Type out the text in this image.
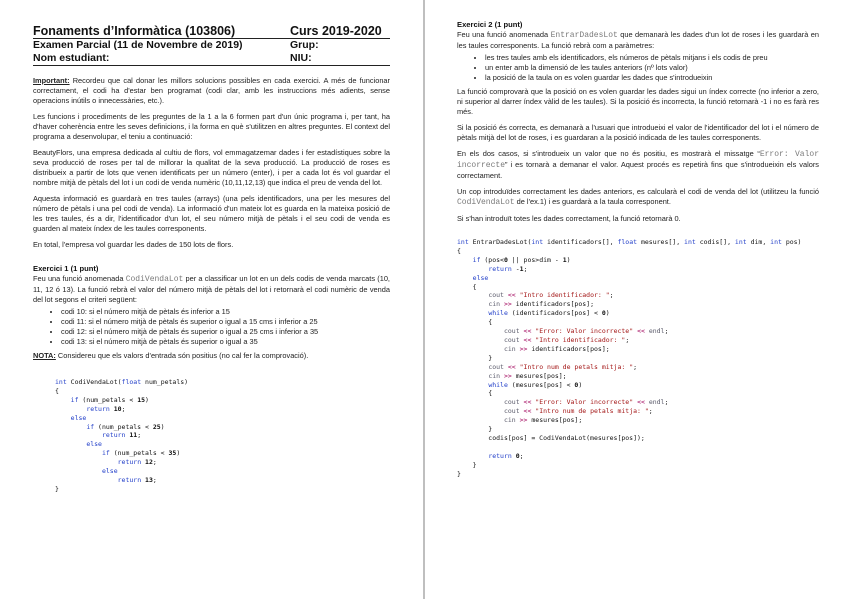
Fonaments d’Informàtica (103806)	Curs 2019-2020
Examen Parcial (11 de Novembre de 2019)	Grup:
Nom estudiant:	NIU:

Important: Recordeu que cal donar les millors solucions possibles en cada exercici. A més de funcionar correctament, el codi ha d'estar ben programat (codi clar, amb les instruccions més adients, sense operacions inútils o innecessàries, etc.).

Les funcions i procediments de les preguntes de la 1 a la 6 formen part d'un únic programa i, per tant, ha d'haver coherència entre les seves definicions, i la forma en què s'utilitzen en altres preguntes. El context del programa a desenvolupar, el teniu a continuació:

BeautyFlors, una empresa dedicada al cultiu de flors, vol emmagatzemar dades i fer estadístiques sobre la seva producció de roses per tal de millorar la qualitat de la seva producció. La producció de roses es distribueix a partir de lots que venen identificats per un número (enter), i per a cada lot és vol guardar el nombre mitjà de pètals del lot i un codi de venda numèric (10,11,12,13) que indica el preu de venda del lot.

Aquesta informació es guardarà en tres taules (arrays) (una pels identificadors, una per les mesures del número de pètals i una pel codi de venda). La informació d'un mateix lot es guarda en la mateixa posició de les tres taules, és a dir, l'identificador d'un lot, el seu número mitjà de pètals i el seu codi de venda es guarden al mateix índex de les taules corresponents.

En total, l'empresa vol guardar les dades de 150 lots de flors.

Exercici 1 (1 punt)

Feu una funció anomenada CodiVendaLot per a classificar un lot en un dels codis de venda marcats (10, 11, 12 ó 13). La funció rebrà el valor del número mitjà de pètals del lot i retornarà el codi numèric de venda del lot segons el criteri següent:

• codi 10: si el número mitjà de pètals és inferior a 15
• codi 11: si el número mitjà de pètals és superior o igual a 15 cms i inferior a 25
• codi 12: si el número mitjà de pètals és superior o igual a 25 cms i inferior a 35
• codi 13: si el número mitjà de pètals és superior o igual a 35

NOTA: Considereu que els valors d'entrada són positius (no cal fer la comprovació).

int CodiVendaLot(float num_petals)
{
if (num_petals < 15)
return 10;
else
if (num_petals < 25)
return 11;
else
if (num_petals < 35)
return 12;
else
return 13;
}
Exercici 2 (1 punt)

Feu una funció anomenada EntrarDadesLot que demanarà les dades d'un lot de roses i les guardarà en les taules corresponents. La funció rebrà com a paràmetres:

• les tres taules amb els identificadors, els números de pètals mitjans i els codis de preu
• un enter amb la dimensió de les taules anteriors (nº lots valor)
• la posició de la taula on es volen guardar les dades que s'introdueixin

La funció comprovarà que la posició on es volen guardar les dades sigui un índex correcte (no inferior a zero, ni superior al darrer índex vàlid de les taules). Si la posició és incorrecta, la funció retornarà -1 i no es farà res més.

Si la posició és correcta, es demanarà a l'usuari que introdueixi el valor de l'identificador del lot i el número de pètals mitjà del lot de roses, i es guardaran a la posició indicada de les taules corresponents.

En els dos casos, si s'introdueix un valor que no és positiu, es mostrarà el missatge “Error: Valor incorrecte” i es tornarà a demanar el valor. Aquest procés es repetirà fins que s'introdueixin els valors correctament.

Un cop introduïdes correctament les dades anteriors, es calcularà el codi de venda del lot (utilitzeu la funció CodiVendaLot de l'ex.1) i es guardarà a la taula corresponent.

Si s'han introduït totes les dades correctament, la funció retornarà 0.

int EntrarDadesLot(int identificadors[], float mesures[], int codis[], int dim, int pos)
{
if (pos<0 || pos>dim - 1)
return -1;
else
{
cout << "Intro identificador: ";
cin >> identificadors[pos];
while (identificadors[pos] < 0)
{
cout << "Error: Valor incorrecte" << endl;
cout << "Intro identificador: ";
cin >> identificadors[pos];
}
cout << "Intro num de petals mitja: ";
cin >> mesures[pos];
while (mesures[pos] < 0)
{
cout << "Error: Valor incorrecte" << endl;
cout << "Intro num de petals mitja: ";
cin >> mesures[pos];
}
codis[pos] = CodiVendaLot(mesures[pos]);
return 0;
}
}
